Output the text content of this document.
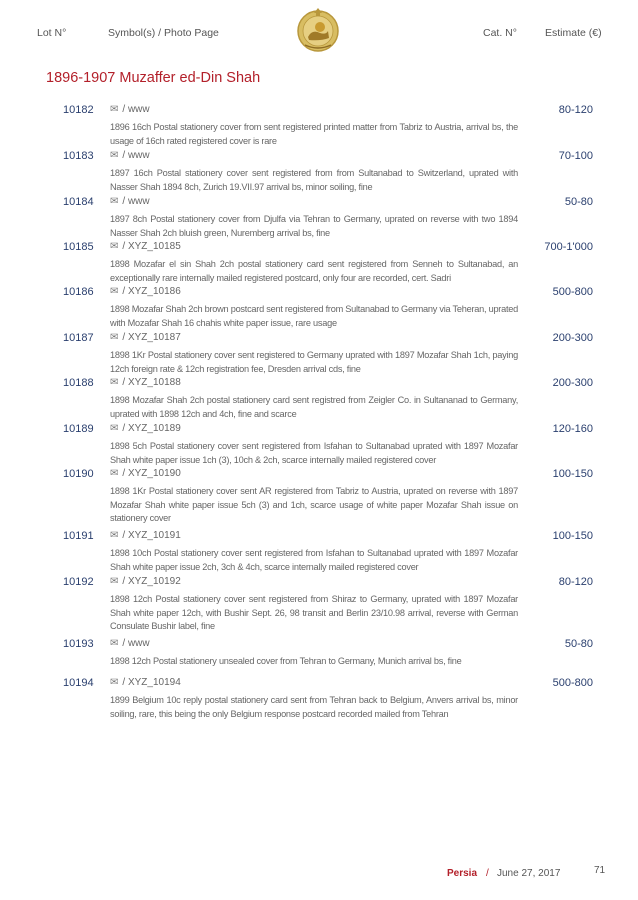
Lot N°	Symbol(s) / Photo Page	Cat. N°	Estimate (€)
1896-1907 Muzaffer ed-Din Shah
10182 ✉ / www	80-120
1896 16ch Postal stationery cover from sent registered printed matter from Tabriz to Austria, arrival bs, the usage of 16ch rated registered cover is rare
10183 ✉ / www	70-100
1897 16ch Postal stationery cover sent registered from from Sultanabad to Switzerland, uprated with Nasser Shah 1894 8ch, Zurich 19.VII.97 arrival bs, minor soiling, fine
10184 ✉ / www	50-80
1897 8ch Postal stationery cover from Djulfa via Tehran to Germany, uprated on reverse with two 1894 Nasser Shah 2ch bluish green, Nuremberg arrival bs, fine
10185 ✉ / XYZ_10185	700-1'000
1898 Mozafar el sin Shah 2ch postal stationery card sent registered from Senneh to Sultanabad, an exceptionally rare internally mailed registered postcard, only four are recorded, cert. Sadri
10186 ✉ / XYZ_10186	500-800
1898 Mozafar Shah 2ch brown postcard sent registered from Sultanabad to Germany via Teheran, uprated with Mozafar Shah 16 chahis white paper issue, rare usage
10187 ✉ / XYZ_10187	200-300
1898 1Kr Postal stationery cover sent registered to Germany uprated with 1897 Mozafar Shah 1ch, paying 12ch foreign rate & 12ch registration fee, Dresden arrival cds, fine
10188 ✉ / XYZ_10188	200-300
1898 Mozafar Shah 2ch postal stationery card sent registred from Zeigler Co. in Sultananad to Germany, uprated with 1898 12ch and 4ch, fine and scarce
10189 ✉ / XYZ_10189	120-160
1898 5ch Postal stationery cover sent registered from Isfahan to Sultanabad uprated with 1897 Mozafar Shah white paper issue 1ch (3), 10ch & 2ch, scarce internally mailed registered cover
10190 ✉ / XYZ_10190	100-150
1898 1Kr Postal stationery cover sent AR registered from Tabriz to Austria, uprated on reverse with 1897 Mozafar Shah white paper issue 5ch (3) and 1ch, scarce usage of white paper Mozafar Shah issue on stationery cover
10191 ✉ / XYZ_10191	100-150
1898 10ch Postal stationery cover sent registered from Isfahan to Sultanabad uprated with 1897 Mozafar Shah white paper issue 2ch, 3ch & 4ch, scarce internally mailed registered cover
10192 ✉ / XYZ_10192	80-120
1898 12ch Postal stationery cover sent registered from Shiraz to Germany, uprated with 1897 Mozafar Shah white paper 12ch, with Bushir Sept. 26, 98 transit and Berlin 23/10.98 arrival, reverse with German Consulate Bushir label, fine
10193 ✉ / www	50-80
1898 12ch Postal stationery unsealed cover from Tehran to Germany, Munich arrival bs, fine
10194 ✉ / XYZ_10194	500-800
1899 Belgium 10c reply postal stationery card sent from Tehran back to Belgium, Anvers arrival bs, minor soiling, rare, this being the only Belgium response postcard recorded mailed from Tehran
Persia / June 27, 2017	71
